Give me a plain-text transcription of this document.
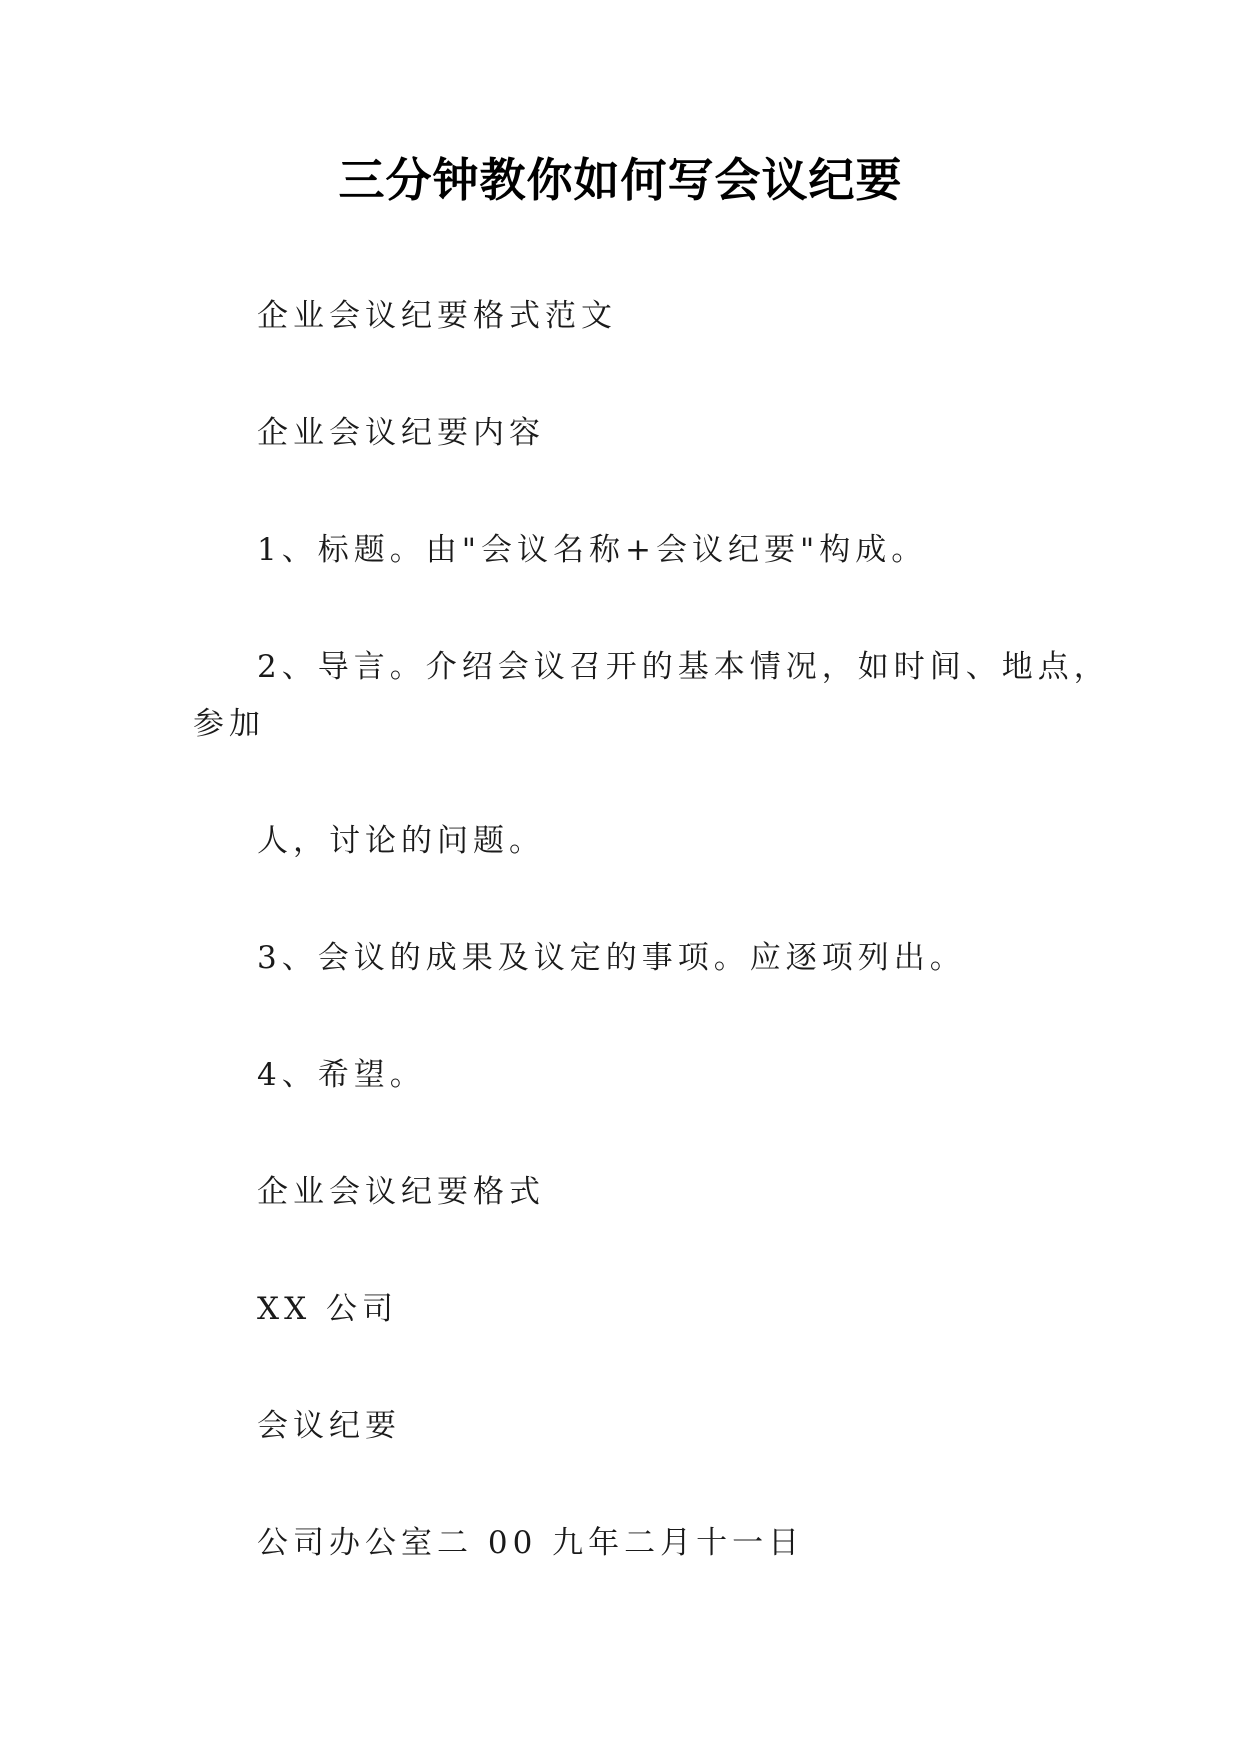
三分钟教你如何写会议纪要
企业会议纪要格式范文
企业会议纪要内容
1、标题。由"会议名称+会议纪要"构成。
2、导言。介绍会议召开的基本情况，如时间、地点，
参加
人，讨论的问题。
3、会议的成果及议定的事项。应逐项列出。
4、希望。
企业会议纪要格式
XX 公司
会议纪要
公司办公室二 00 九年二月十一日
